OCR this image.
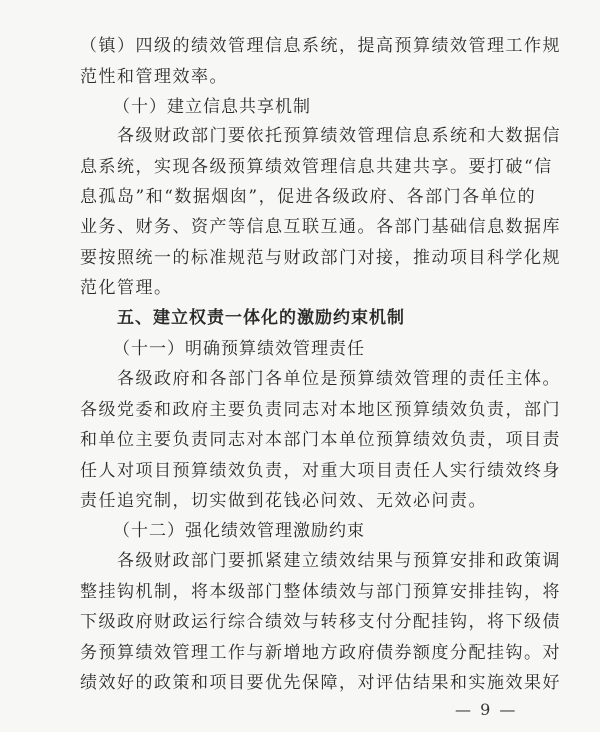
（镇）四级的绩效管理信息系统，提高预算绩效管理工作规
范性和管理效率。
（十）建立信息共享机制
各级财政部门要依托预算绩效管理信息系统和大数据信
息系统，实现各级预算绩效管理信息共建共享。要打破“信
息孤岛”和“数据烟囱”，促进各级政府、各部门各单位的
业务、财务、资产等信息互联互通。各部门基础信息数据库
要按照统一的标准规范与财政部门对接，推动项目科学化规
范化管理。
五、建立权责一体化的激励约束机制
（十一）明确预算绩效管理责任
各级政府和各部门各单位是预算绩效管理的责任主体。
各级党委和政府主要负责同志对本地区预算绩效负责，部门
和单位主要负责同志对本部门本单位预算绩效负责，项目责
任人对项目预算绩效负责，对重大项目责任人实行绩效终身
责任追究制，切实做到花钱必问效、无效必问责。
（十二）强化绩效管理激励约束
各级财政部门要抓紧建立绩效结果与预算安排和政策调
整挂钩机制，将本级部门整体绩效与部门预算安排挂钩，将
下级政府财政运行综合绩效与转移支付分配挂钩，将下级债
务预算绩效管理工作与新增地方政府债券额度分配挂钩。对
绩效好的政策和项目要优先保障，对评估结果和实施效果好
— 9 —
